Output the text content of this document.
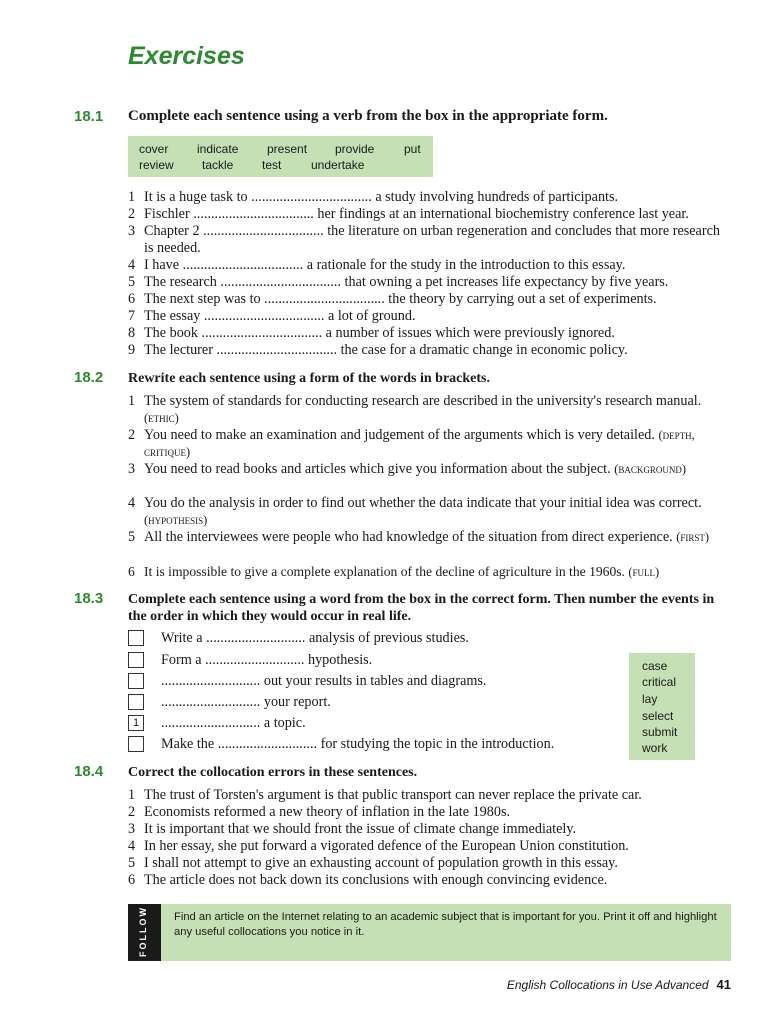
Exercises
18.1 Complete each sentence using a verb from the box in the appropriate form.
cover indicate present provide put
review tackle test undertake
1 It is a huge task to .................................. a study involving hundreds of participants.
2 Fischler .................................. her findings at an international biochemistry conference last year.
3 Chapter 2 .................................. the literature on urban regeneration and concludes that more research is needed.
4 I have .................................. a rationale for the study in the introduction to this essay.
5 The research .................................. that owning a pet increases life expectancy by five years.
6 The next step was to .................................. the theory by carrying out a set of experiments.
7 The essay .................................. a lot of ground.
8 The book .................................. a number of issues which were previously ignored.
9 The lecturer .................................. the case for a dramatic change in economic policy.
18.2 Rewrite each sentence using a form of the words in brackets.
1 The system of standards for conducting research are described in the university's research manual. (ethic)
2 You need to make an examination and judgement of the arguments which is very detailed. (depth, critique)
3 You need to read books and articles which give you information about the subject. (background)
4 You do the analysis in order to find out whether the data indicate that your initial idea was correct. (hypothesis)
5 All the interviewees were people who had knowledge of the situation from direct experience. (first)
6 It is impossible to give a complete explanation of the decline of agriculture in the 1960s. (full)
18.3 Complete each sentence using a word from the box in the correct form. Then number the events in the order in which they would occur in real life.
Write a ............................ analysis of previous studies.
Form a ............................ hypothesis.
............................ out your results in tables and diagrams.
............................ your report.
1	............................ a topic.
Make the ............................ for studying the topic in the introduction.
case
critical
lay
select
submit
work
18.4 Correct the collocation errors in these sentences.
1 The trust of Torsten's argument is that public transport can never replace the private car.
2 Economists reformed a new theory of inflation in the late 1980s.
3 It is important that we should front the issue of climate change immediately.
4 In her essay, she put forward a vigorated defence of the European Union constitution.
5 I shall not attempt to give an exhausting account of population growth in this essay.
6 The article does not back down its conclusions with enough convincing evidence.
FOLLOW UP Find an article on the Internet relating to an academic subject that is important for you. Print it off and highlight any useful collocations you notice in it.
English Collocations in Use Advanced 41
